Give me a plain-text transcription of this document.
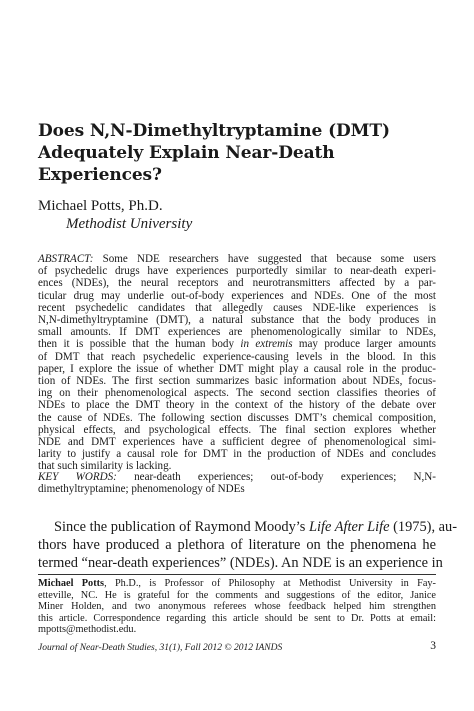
Does N,N-Dimethyltryptamine (DMT)
Adequately Explain Near-Death
Experiences?
Michael Potts, Ph.D.
Methodist University
ABSTRACT: Some NDE researchers have suggested that because some users
of psychedelic drugs have experiences purportedly similar to near-death experi-
ences (NDEs), the neural receptors and neurotransmitters affected by a par-
ticular drug may underlie out-of-body experiences and NDEs. One of the most
recent psychedelic candidates that allegedly causes NDE-like experiences is
N,N-dimethyltryptamine (DMT), a natural substance that the body produces in
small amounts. If DMT experiences are phenomenologically similar to NDEs,
then it is possible that the human body in extremis may produce larger amounts
of DMT that reach psychedelic experience-causing levels in the blood. In this
paper, I explore the issue of whether DMT might play a causal role in the produc-
tion of NDEs. The first section summarizes basic information about NDEs, focus-
ing on their phenomenological aspects. The second section classifies theories of
NDEs to place the DMT theory in the context of the history of the debate over
the cause of NDEs. The following section discusses DMT’s chemical composition,
physical effects, and psychological effects. The final section explores whether
NDE and DMT experiences have a sufficient degree of phenomenological simi-
larity to justify a causal role for DMT in the production of NDEs and concludes
that such similarity is lacking.
KEY WORDS: near-death experiences; out-of-body experiences; N,N-
dimethyltryptamine; phenomenology of NDEs
Since the publication of Raymond Moody’s Life After Life (1975), au-
thors have produced a plethora of literature on the phenomena he
termed “near-death experiences” (NDEs). An NDE is an experience in
Michael Potts, Ph.D., is Professor of Philosophy at Methodist University in Fay-
etteville, NC. He is grateful for the comments and suggestions of the editor, Janice
Miner Holden, and two anonymous referees whose feedback helped him strengthen
this article. Correspondence regarding this article should be sent to Dr. Potts at email:
mpotts@methodist.edu.
Journal of Near-Death Studies, 31(1), Fall 2012 © 2012 IANDS	3
